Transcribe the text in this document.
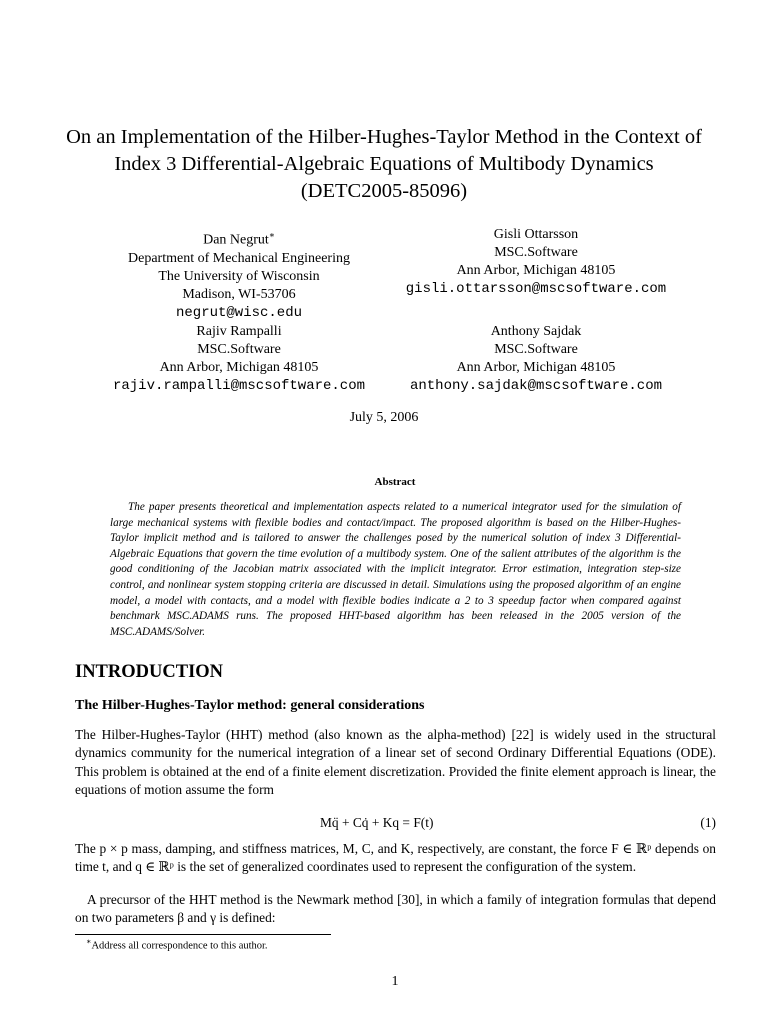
On an Implementation of the Hilber-Hughes-Taylor Method in the Context of Index 3 Differential-Algebraic Equations of Multibody Dynamics (DETC2005-85096)
Dan Negrut∗
Department of Mechanical Engineering
The University of Wisconsin
Madison, WI-53706
negrut@wisc.edu
Gisli Ottarsson
MSC.Software
Ann Arbor, Michigan 48105
gisli.ottarsson@mscsoftware.com
Rajiv Rampalli
MSC.Software
Ann Arbor, Michigan 48105
rajiv.rampalli@mscsoftware.com
Anthony Sajdak
MSC.Software
Ann Arbor, Michigan 48105
anthony.sajdak@mscsoftware.com
July 5, 2006
Abstract
The paper presents theoretical and implementation aspects related to a numerical integrator used for the simulation of large mechanical systems with flexible bodies and contact/impact. The proposed algorithm is based on the Hilber-Hughes-Taylor implicit method and is tailored to answer the challenges posed by the numerical solution of index 3 Differential-Algebraic Equations that govern the time evolution of a multibody system. One of the salient attributes of the algorithm is the good conditioning of the Jacobian matrix associated with the implicit integrator. Error estimation, integration step-size control, and nonlinear system stopping criteria are discussed in detail. Simulations using the proposed algorithm of an engine model, a model with contacts, and a model with flexible bodies indicate a 2 to 3 speedup factor when compared against benchmark MSC.ADAMS runs. The proposed HHT-based algorithm has been released in the 2005 version of the MSC.ADAMS/Solver.
INTRODUCTION
The Hilber-Hughes-Taylor method: general considerations
The Hilber-Hughes-Taylor (HHT) method (also known as the alpha-method) [22] is widely used in the structural dynamics community for the numerical integration of a linear set of second Ordinary Differential Equations (ODE). This problem is obtained at the end of a finite element discretization. Provided the finite element approach is linear, the equations of motion assume the form
Mq̈ + Cq̇ + Kq = F(t)	(1)
The p × p mass, damping, and stiffness matrices, M, C, and K, respectively, are constant, the force F ∈ ℝᵖ depends on time t, and q ∈ ℝᵖ is the set of generalized coordinates used to represent the configuration of the system.
A precursor of the HHT method is the Newmark method [30], in which a family of integration formulas that depend on two parameters β and γ is defined:
∗Address all correspondence to this author.
1
